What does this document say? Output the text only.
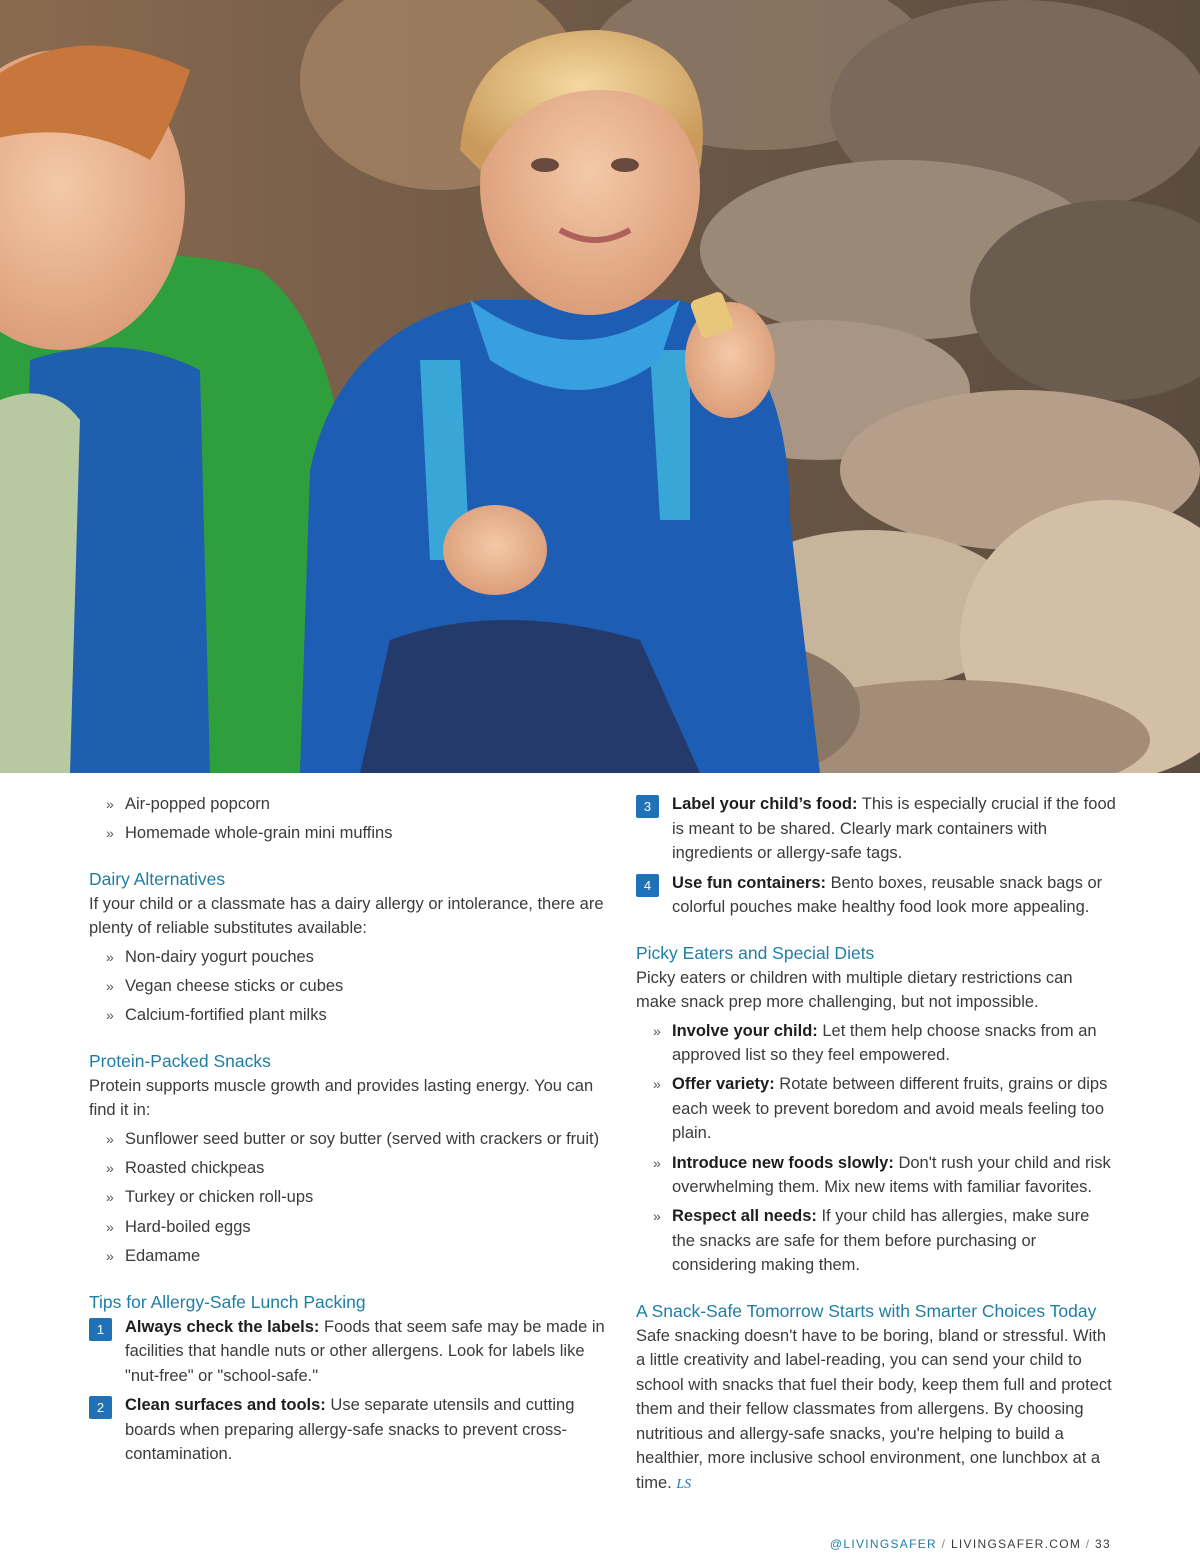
» Air-popped popcorn
» Homemade whole-grain mini muffins
Dairy Alternatives

If your child or a classmate has a dairy allergy or intolerance, there are plenty of reliable substitutes available:

» Non-dairy yogurt pouches
» Vegan cheese sticks or cubes
» Calcium-fortified plant milks
Protein-Packed Snacks

Protein supports muscle growth and provides lasting energy. You can find it in:

» Sunflower seed butter or soy butter (served with crackers or fruit)
» Roasted chickpeas
» Turkey or chicken roll-ups
» Hard-boiled eggs
» Edamame
Tips for Allergy-Safe Lunch Packing
1	Always check the labels: Foods that seem safe may be made in facilities that handle nuts or other allergens. Look for labels like "nut-free" or "school-safe."
2	Clean surfaces and tools: Use separate utensils and cutting boards when preparing allergy-safe snacks to prevent cross-contamination.
3	Label your child’s food: This is especially crucial if the food is meant to be shared. Clearly mark containers with ingredients or allergy-safe tags.
4	Use fun containers: Bento boxes, reusable snack bags or colorful pouches make healthy food look more appealing.
Picky Eaters and Special Diets

Picky eaters or children with multiple dietary restrictions can make snack prep more challenging, but not impossible.

» Involve your child: Let them help choose snacks from an approved list so they feel empowered.
» Offer variety: Rotate between different fruits, grains or dips each week to prevent boredom and avoid meals feeling too plain.
» Introduce new foods slowly: Don't rush your child and risk overwhelming them. Mix new items with familiar favorites.
» Respect all needs: If your child has allergies, make sure the snacks are safe for them before purchasing or considering making them.
A Snack-Safe Tomorrow Starts with Smarter Choices Today

Safe snacking doesn't have to be boring, bland or stressful. With a little creativity and label-reading, you can send your child to school with snacks that fuel their body, keep them full and protect them and their fellow classmates from allergens. By choosing nutritious and allergy-safe snacks, you're helping to build a healthier, more inclusive school environment, one lunchbox at a time. LS

@LIVINGSAFER / LIVINGSAFER.COM / 33
